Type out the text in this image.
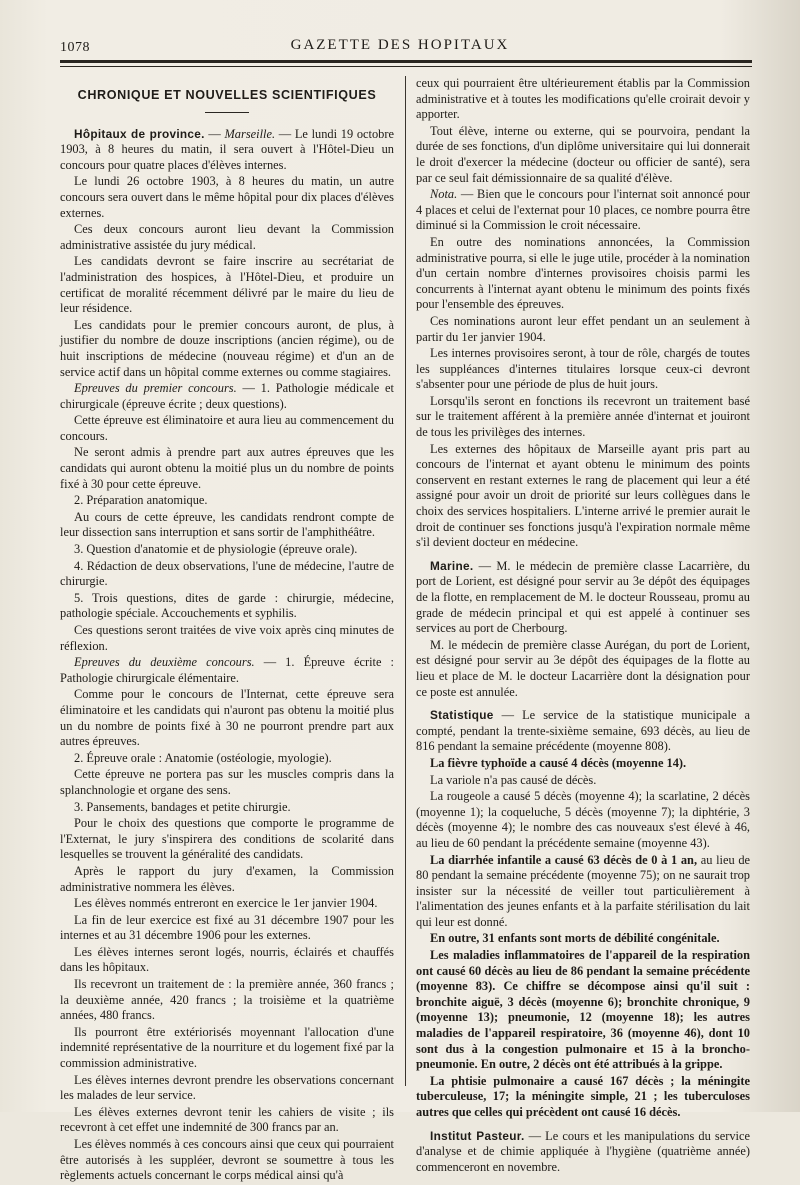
1078	GAZETTE DES HOPITAUX
CHRONIQUE ET NOUVELLES SCIENTIFIQUES

Hôpitaux de province. — Marseille. — Le lundi 19 octobre 1903, à 8 heures du matin, il sera ouvert à l'Hôtel-Dieu un concours pour quatre places d'élèves internes.

Le lundi 26 octobre 1903, à 8 heures du matin, un autre concours sera ouvert dans le même hôpital pour dix places d'élèves externes.

Ces deux concours auront lieu devant la Commission administrative assistée du jury médical.

Les candidats devront se faire inscrire au secrétariat de l'administration des hospices, à l'Hôtel-Dieu, et produire un certificat de moralité récemment délivré par le maire du lieu de leur résidence.

Les candidats pour le premier concours auront, de plus, à justifier du nombre de douze inscriptions (ancien régime), ou de huit inscriptions de médecine (nouveau régime) et d'un an de service actif dans un hôpital comme externes ou comme stagiaires.

Epreuves du premier concours. — 1. Pathologie médicale et chirurgicale (épreuve écrite ; deux questions).

Cette épreuve est éliminatoire et aura lieu au commencement du concours.

Ne seront admis à prendre part aux autres épreuves que les candidats qui auront obtenu la moitié plus un du nombre de points fixé à 30 pour cette épreuve.

2. Préparation anatomique.

Au cours de cette épreuve, les candidats rendront compte de leur dissection sans interruption et sans sortir de l'amphithéâtre.

3. Question d'anatomie et de physiologie (épreuve orale).

4. Rédaction de deux observations, l'une de médecine, l'autre de chirurgie.

5. Trois questions, dites de garde : chirurgie, médecine, pathologie spéciale. Accouchements et syphilis.

Ces questions seront traitées de vive voix après cinq minutes de réflexion.

Epreuves du deuxième concours. — 1. Épreuve écrite : Pathologie chirurgicale élémentaire.

Comme pour le concours de l'Internat, cette épreuve sera éliminatoire et les candidats qui n'auront pas obtenu la moitié plus un du nombre de points fixé à 30 ne pourront prendre part aux autres épreuves.

2. Épreuve orale : Anatomie (ostéologie, myologie).

Cette épreuve ne portera pas sur les muscles compris dans la splanchnologie et organe des sens.

3. Pansements, bandages et petite chirurgie.

Pour le choix des questions que comporte le programme de l'Externat, le jury s'inspirera des conditions de scolarité dans lesquelles se trouvent la généralité des candidats.

Après le rapport du jury d'examen, la Commission administrative nommera les élèves.

Les élèves nommés entreront en exercice le 1er janvier 1904.

La fin de leur exercice est fixé au 31 décembre 1907 pour les internes et au 31 décembre 1906 pour les externes.

Les élèves internes seront logés, nourris, éclairés et chauffés dans les hôpitaux.

Ils recevront un traitement de : la première année, 360 francs ; la deuxième année, 420 francs ; la troisième et la quatrième années, 480 francs.

Ils pourront être extériorisés moyennant l'allocation d'une indemnité représentative de la nourriture et du logement fixé par la commission administrative.

Les élèves internes devront prendre les observations concernant les malades de leur service.

Les élèves externes devront tenir les cahiers de visite ; ils recevront à cet effet une indemnité de 300 francs par an.

Les élèves nommés à ces concours ainsi que ceux qui pourraient être autorisés à les suppléer, devront se soumettre à tous les règlements actuels concernant le corps médical ainsi qu'à

ceux qui pourraient être ultérieurement établis par la Commission administrative et à toutes les modifications qu'elle croirait devoir y apporter.

Tout élève, interne ou externe, qui se pourvoira, pendant la durée de ses fonctions, d'un diplôme universitaire qui lui donnerait le droit d'exercer la médecine (docteur ou officier de santé), sera par ce seul fait démissionnaire de sa qualité d'élève.

Nota. — Bien que le concours pour l'internat soit annoncé pour 4 places et celui de l'externat pour 10 places, ce nombre pourra être diminué si la Commission le croit nécessaire.

En outre des nominations annoncées, la Commission administrative pourra, si elle le juge utile, procéder à la nomination d'un certain nombre d'internes provisoires choisis parmi les concurrents à l'internat ayant obtenu le minimum des points fixés pour l'ensemble des épreuves.

Ces nominations auront leur effet pendant un an seulement à partir du 1er janvier 1904.

Les internes provisoires seront, à tour de rôle, chargés de toutes les suppléances d'internes titulaires lorsque ceux-ci devront s'absenter pour une période de plus de huit jours.

Lorsqu'ils seront en fonctions ils recevront un traitement basé sur le traitement afférent à la première année d'internat et jouiront de tous les privilèges des internes.

Les externes des hôpitaux de Marseille ayant pris part au concours de l'internat et ayant obtenu le minimum des points conservent en restant externes le rang de placement qui leur a été assigné pour avoir un droit de priorité sur leurs collègues dans le choix des services hospitaliers. L'interne arrivé le premier aurait le droit de continuer ses fonctions jusqu'à l'expiration normale même s'il devient docteur en médecine.

Marine. — M. le médecin de première classe Lacarrière, du port de Lorient, est désigné pour servir au 3e dépôt des équipages de la flotte, en remplacement de M. le docteur Rousseau, promu au grade de médecin principal et qui est appelé à continuer ses services au port de Cherbourg.

M. le médecin de première classe Aurégan, du port de Lorient, est désigné pour servir au 3e dépôt des équipages de la flotte au lieu et place de M. le docteur Lacarrière dont la désignation pour ce poste est annulée.

Statistique — Le service de la statistique municipale a compté, pendant la trente-sixième semaine, 693 décès, au lieu de 816 pendant la semaine précédente (moyenne 808).

La fièvre typhoïde a causé 4 décès (moyenne 14).

La variole n'a pas causé de décès.

La rougeole a causé 5 décès (moyenne 4); la scarlatine, 2 décès (moyenne 1); la coqueluche, 5 décès (moyenne 7); la diphtérie, 3 décès (moyenne 4); le nombre des cas nouveaux s'est élevé à 46, au lieu de 60 pendant la précédente semaine (moyenne 43).

La diarrhée infantile a causé 63 décès de 0 à 1 an, au lieu de 80 pendant la semaine précédente (moyenne 75); on ne saurait trop insister sur la nécessité de veiller tout particulièrement à l'alimentation des jeunes enfants et à la parfaite stérilisation du lait qui leur est donné.

En outre, 31 enfants sont morts de débilité congénitale.

Les maladies inflammatoires de l'appareil de la respiration ont causé 60 décès au lieu de 86 pendant la semaine précédente (moyenne 83). Ce chiffre se décompose ainsi qu'il suit : bronchite aiguë, 3 décès (moyenne 6); bronchite chronique, 9 (moyenne 13); pneumonie, 12 (moyenne 18); les autres maladies de l'appareil respiratoire, 36 (moyenne 46), dont 10 sont dus à la congestion pulmonaire et 15 à la broncho-pneumonie. En outre, 2 décès ont été attribués à la grippe.

La phtisie pulmonaire a causé 167 décès ; la méningite tuberculeuse, 17; la méningite simple, 21 ; les tuberculoses autres que celles qui précèdent ont causé 16 décès.

Institut Pasteur. — Le cours et les manipulations du service d'analyse et de chimie appliquée à l'hygiène (quatrième année) commenceront en novembre.
